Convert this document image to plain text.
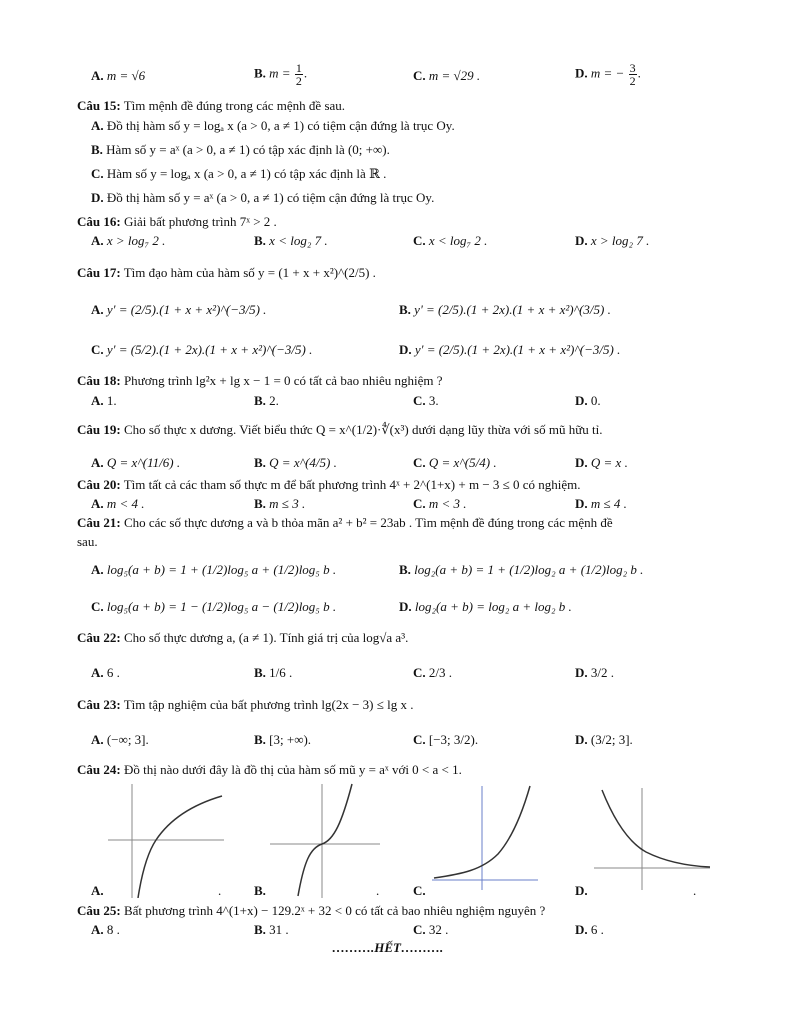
A. m = √6	B. $m = \frac{1}{2}$ .	C. m = √29 .	D. m = − $\frac{3}{2}$ .
Câu 15: Tìm mệnh đề đúng trong các mệnh đề sau.
A. Đồ thị hàm số y = logₐ x (a > 0, a ≠ 1) có tiệm cận đứng là trục Oy.
B. Hàm số y = aˣ (a > 0, a ≠ 1) có tập xác định là (0; +∞).
C. Hàm số y = logₐ x (a > 0, a ≠ 1) có tập xác định là ℝ .
D. Đồ thị hàm số y = aˣ (a > 0, a ≠ 1) có tiệm cận đứng là trục Oy.
Câu 16: Giải bất phương trình 7ˣ > 2 .
A. x > log₇ 2 .	B. x < log₂ 7 .	C. x < log₇ 2 .	D. x > log₂ 7 .
Câu 17: Tìm đạo hàm của hàm số y = (1 + x + x²)^(2/5) .
A. y' = (2/5).(1 + x + x²)^(−3/5) .	B. y' = (2/5).(1 + 2x).(1 + x + x²)^(3/5) .
C. y' = (5/2).(1 + 2x).(1 + x + x²)^(−3/5) .	D. y' = (2/5).(1 + 2x).(1 + x + x²)^(−3/5) .
Câu 18: Phương trình lg²x + lg x − 1 = 0 có tất cả bao nhiêu nghiệm ?
A. 1.	B. 2.	C. 3.	D. 0.
Câu 19: Cho số thực x dương. Viết biểu thức Q = x^(1/2)·∜(x³) dưới dạng lũy thừa với số mũ hữu tỉ.
A. Q = x^(11/6) .	B. Q = x^(4/5) .	C. Q = x^(5/4) .	D. Q = x .
Câu 20: Tìm tất cả các tham số thực m để bất phương trình 4ˣ + 2^(1+x) + m − 3 ≤ 0 có nghiệm.
A. m < 4 .	B. m ≤ 3 .	C. m < 3 .	D. m ≤ 4 .
Câu 21: Cho các số thực dương a và b thỏa mãn a² + b² = 23ab . Tìm mệnh đề đúng trong các mệnh đề
sau.
A. log₅(a + b) = 1 + (1/2)log₅ a + (1/2)log₅ b .	B. log₂(a + b) = 1 + (1/2)log₂ a + (1/2)log₂ b .
C. log₅(a + b) = 1 − (1/2)log₅ a − (1/2)log₅ b .	D. log₂(a + b) = log₂ a + log₂ b .
Câu 22: Cho số thực dương a, (a ≠ 1). Tính giá trị của log√a a³.
A. 6 .	B. 1/6 .	C. 2/3 .	D. 3/2 .
Câu 23: Tìm tập nghiệm của bất phương trình lg(2x − 3) ≤ lg x .
A. (−∞; 3].	B. [3; +∞).	C. [−3; 3/2).	D. (3/2; 3].
Câu 24: Đồ thị nào dưới đây là đồ thị của hàm số mũ y = aˣ với 0 < a < 1.
A.	.	B.	.	C.	D.	.
Câu 25: Bất phương trình 4^(1+x) − 129.2ˣ + 32 < 0 có tất cả bao nhiêu nghiệm nguyên ?
A. 8 .	B. 31 .	C. 32 .	D. 6 .
……….HẾT……….
